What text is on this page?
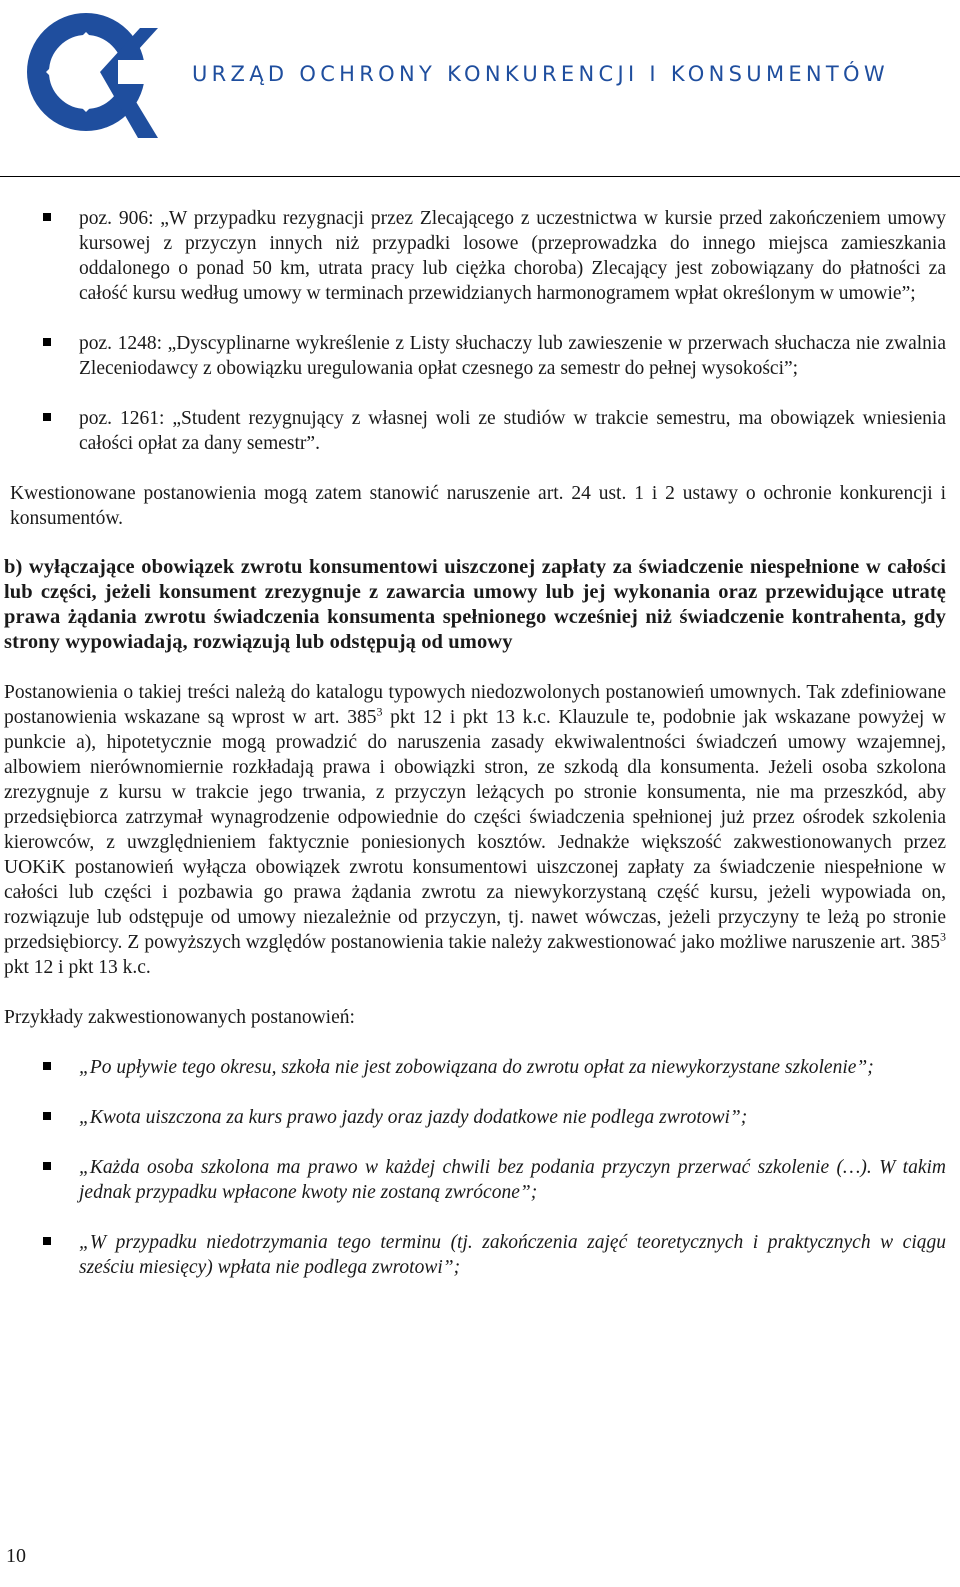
URZĄD OCHRONY KONKURENCJI I KONSUMENTÓW
poz. 906: „W przypadku rezygnacji przez Zlecającego z uczestnictwa w kursie przed zakończeniem umowy kursowej z przyczyn innych niż przypadki losowe (przeprowadzka do innego miejsca zamieszkania oddalonego o ponad 50 km, utrata pracy lub ciężka choroba) Zlecający jest zobowiązany do płatności za całość kursu według umowy w terminach przewidzianych harmonogramem wpłat określonym w umowie”;
poz. 1248: „Dyscyplinarne wykreślenie z Listy słuchaczy lub zawieszenie w przerwach słuchacza nie zwalnia Zleceniodawcy z obowiązku uregulowania opłat czesnego za semestr do pełnej wysokości”;
poz. 1261: „Student rezygnujący z własnej woli ze studiów w trakcie semestru, ma obowiązek wniesienia całości opłat za dany semestr”.

Kwestionowane postanowienia mogą zatem stanowić naruszenie art. 24 ust. 1 i 2 ustawy o ochronie konkurencji i konsumentów.

b) wyłączające obowiązek zwrotu konsumentowi uiszczonej zapłaty za świadczenie niespełnione w całości lub części, jeżeli konsument zrezygnuje z zawarcia umowy lub jej wykonania oraz przewidujące utratę prawa żądania zwrotu świadczenia konsumenta spełnionego wcześniej niż świadczenie kontrahenta, gdy strony wypowiadają, rozwiązują lub odstępują od umowy

Postanowienia o takiej treści należą do katalogu typowych niedozwolonych postanowień umownych. Tak zdefiniowane postanowienia wskazane są wprost w art. $385^3$ pkt 12 i pkt 13 k.c. Klauzule te, podobnie jak wskazane powyżej w punkcie a), hipotetycznie mogą prowadzić do naruszenia zasady ekwiwalentności świadczeń umowy wzajemnej, albowiem nierównomiernie rozkładają prawa i obowiązki stron, ze szkodą dla konsumenta. Jeżeli osoba szkolona zrezygnuje z kursu w trakcie jego trwania, z przyczyn leżących po stronie konsumenta, nie ma przeszkód, aby przedsiębiorca zatrzymał wynagrodzenie odpowiednie do części świadczenia spełnionej już przez ośrodek szkolenia kierowców, z uwzględnieniem faktycznie poniesionych kosztów. Jednakże większość zakwestionowanych przez UOKiK postanowień wyłącza obowiązek zwrotu konsumentowi uiszczonej zapłaty za świadczenie niespełnione w całości lub części i pozbawia go prawa żądania zwrotu za niewykorzystaną część kursu, jeżeli wypowiada on, rozwiązuje lub odstępuje od umowy niezależnie od przyczyn, tj. nawet wówczas, jeżeli przyczyny te leżą po stronie przedsiębiorcy. Z powyższych względów postanowienia takie należy zakwestionować jako możliwe naruszenie art. $385^3$ pkt 12 i pkt 13 k.c.

Przykłady zakwestionowanych postanowień:

„Po upływie tego okresu, szkoła nie jest zobowiązana do zwrotu opłat za niewykorzystane szkolenie”;
„Kwota uiszczona za kurs prawo jazdy oraz jazdy dodatkowe nie podlega zwrotowi”;
„Każda osoba szkolona ma prawo w każdej chwili bez podania przyczyn przerwać szkolenie (…). W takim jednak przypadku wpłacone kwoty nie zostaną zwrócone”;
„W przypadku niedotrzymania tego terminu (tj. zakończenia zajęć teoretycznych i praktycznych w ciągu sześciu miesięcy) wpłata nie podlega zwrotowi”;
10
